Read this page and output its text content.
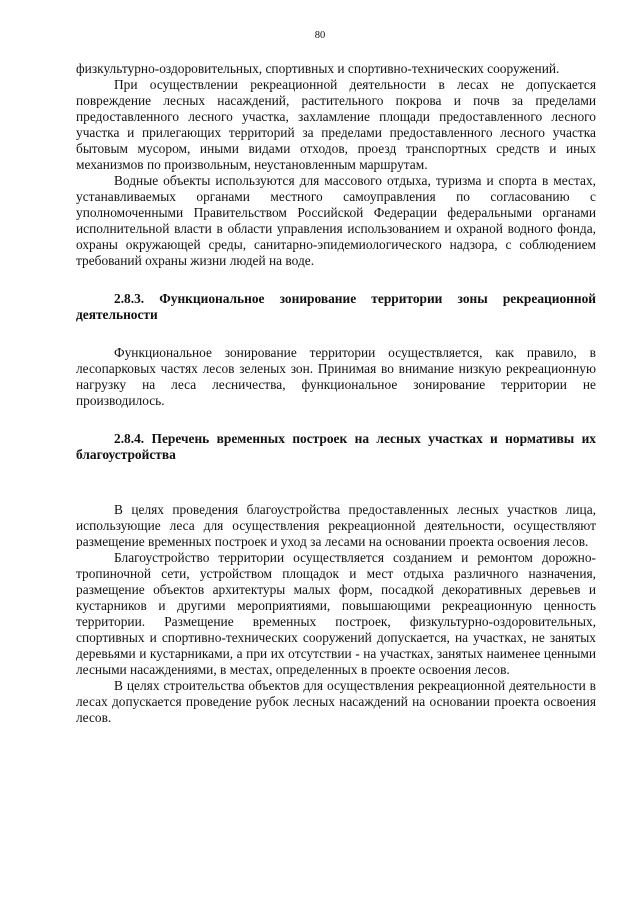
80

физкультурно-оздоровительных, спортивных и спортивно-технических сооружений.

При осуществлении рекреационной деятельности в лесах не допускается повреждение лесных насаждений, растительного покрова и почв за пределами предоставленного лесного участка, захламление площади предоставленного лесного участка и прилегающих территорий за пределами предоставленного лесного участка бытовым мусором, иными видами отходов, проезд транспортных средств и иных механизмов по произвольным, неустановленным маршрутам.

Водные объекты используются для массового отдыха, туризма и спорта в местах, устанавливаемых органами местного самоуправления по согласованию с уполномоченными Правительством Российской Федерации федеральными органами исполнительной власти в области управления использованием и охраной водного фонда, охраны окружающей среды, санитарно-эпидемиологического надзора, с соблюдением требований охраны жизни людей на воде.

2.8.3. Функциональное зонирование территории зоны рекреационной деятельности

Функциональное зонирование территории осуществляется, как правило, в лесопарковых частях лесов зеленых зон. Принимая во внимание низкую рекреационную нагрузку на леса лесничества, функциональное зонирование территории не производилось.

2.8.4. Перечень временных построек на лесных участках и нормативы их благоустройства

В целях проведения благоустройства предоставленных лесных участков лица, использующие леса для осуществления рекреационной деятельности, осуществляют размещение временных построек и уход за лесами на основании проекта освоения лесов.

Благоустройство территории осуществляется созданием и ремонтом дорожно-тропиночной сети, устройством площадок и мест отдыха различного назначения, размещение объектов архитектуры малых форм, посадкой декоративных деревьев и кустарников и другими мероприятиями, повышающими рекреационную ценность территории. Размещение временных построек, физкультурно-оздоровительных, спортивных и спортивно-технических сооружений допускается, на участках, не занятых деревьями и кустарниками, а при их отсутствии - на участках, занятых наименее ценными лесными насаждениями, в местах, определенных в проекте освоения лесов.

В целях строительства объектов для осуществления рекреационной деятельности в лесах допускается проведение рубок лесных насаждений на основании проекта освоения лесов.
